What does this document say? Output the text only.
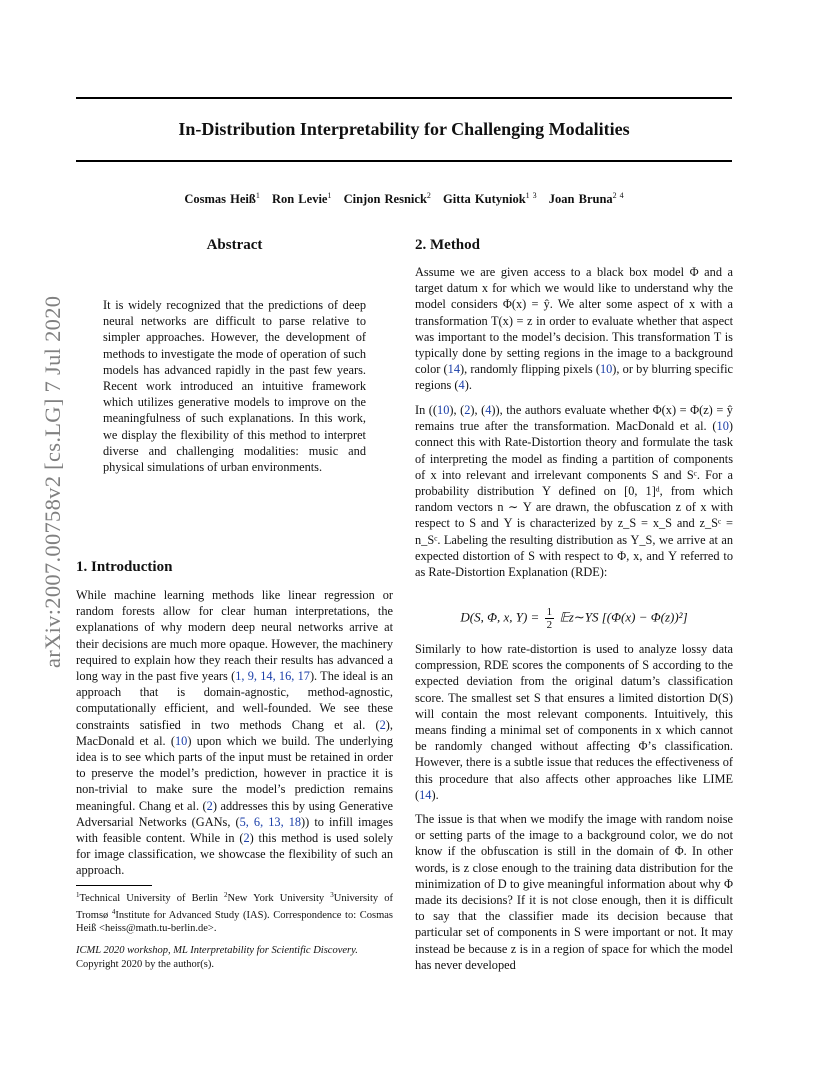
In-Distribution Interpretability for Challenging Modalities
Cosmas Heiß$^1$ Ron Levie$^1$ Cinjon Resnick$^2$ Gitta Kutyniok$^{1 3}$ Joan Bruna$^{2 4}$
arXiv:2007.00758v2 [cs.LG] 7 Jul 2020
Abstract

It is widely recognized that the predictions of deep neural networks are difficult to parse relative to simpler approaches. However, the development of methods to investigate the mode of operation of such models has advanced rapidly in the past few years. Recent work introduced an intuitive framework which utilizes generative models to improve on the meaningfulness of such explanations. In this work, we display the flexibility of this method to interpret diverse and challenging modalities: music and physical simulations of urban environments.

1. Introduction

While machine learning methods like linear regression or random forests allow for clear human interpretations, the explanations of why modern deep neural networks arrive at their decisions are much more opaque. However, the machinery required to explain how they reach their results has advanced a long way in the past five years (1, 9, 14, 16, 17). The ideal is an approach that is domain-agnostic, method-agnostic, computationally efficient, and well-founded. We see these constraints satisfied in two methods Chang et al. (2), MacDonald et al. (10) upon which we build. The underlying idea is to see which parts of the input must be retained in order to preserve the model’s prediction, however in practice it is non-trivial to make sure the model’s prediction remains meaningful. Chang et al. (2) addresses this by using Generative Adversarial Networks (GANs, (5, 6, 13, 18)) to infill images with feasible content. While in (2) this method is used solely for image classification, we showcase the flexibility of such an approach.

$^1$Technical University of Berlin $^2$New York University $^3$University of Tromsø $^4$Institute for Advanced Study (IAS). Correspondence to: Cosmas Heiß <heiss@math.tu-berlin.de>.

ICML 2020 workshop, ML Interpretability for Scientific Discovery.
Copyright 2020 by the author(s).
2. Method

Assume we are given access to a black box model Φ and a target datum x for which we would like to understand why the model considers Φ(x) = ŷ. We alter some aspect of x with a transformation T(x) = z in order to evaluate whether that aspect was important to the model’s decision. This transformation T is typically done by setting regions in the image to a background color (14), randomly flipping pixels (10), or by blurring specific regions (4).

In ((10), (2), (4)), the authors evaluate whether Φ(x) = Φ(z) = ŷ remains true after the transformation. MacDonald et al. (10) connect this with Rate-Distortion theory and formulate the task of interpreting the model as finding a partition of components of x into relevant and irrelevant components S and Sᶜ. For a probability distribution Υ defined on [0, 1]ᵈ, from which random vectors n ∼ Υ are drawn, the obfuscation z of x with respect to S and Υ is characterized by z_S = x_S and z_Sᶜ = n_Sᶜ. Labeling the resulting distribution as Υ_S, we arrive at an expected distortion of S with respect to Φ, x, and Υ referred to as Rate-Distortion Explanation (RDE):

D(S, Φ, x, $\Upsilon) = \frac{1}{2}$ 𝔼z∼ΥS [(Φ(x) − Φ(z))²]

Similarly to how rate-distortion is used to analyze lossy data compression, RDE scores the components of S according to the expected deviation from the original datum’s classification score. The smallest set S that ensures a limited distortion D(S) will contain the most relevant components. Intuitively, this means finding a minimal set of components in x which cannot be randomly changed without affecting Φ’s classification. However, there is a subtle issue that reduces the effectiveness of this procedure that also affects other approaches like LIME (14).

The issue is that when we modify the image with random noise or setting parts of the image to a background color, we do not know if the obfuscation is still in the domain of Φ. In other words, is z close enough to the training data distribution for the minimization of D to give meaningful information about why Φ made its decisions? If it is not close enough, then it is difficult to say that the classifier made its decision because that particular set of components in S were important or not. It may instead be because z is in a region of space for which the model has never developed
